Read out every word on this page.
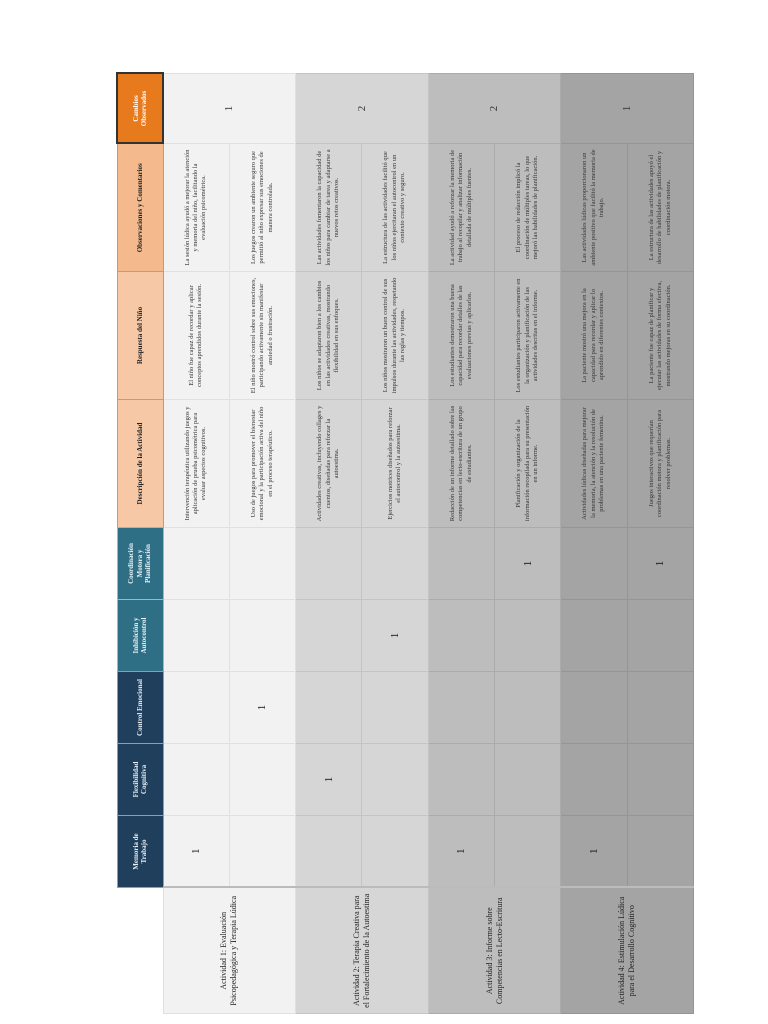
	Memoria de Trabajo	Flexibilidad Cognitiva	Control Emocional	Inhibición y Autocontrol	Coordinación Motora y Planificación	Descripción de la Actividad	Respuesta del Niño	Observaciones y Comentarios	Cambios Observados
Actividad 1: Evaluación Psicopedagógica y Terapia Lúdica	1					Intervención terapéutica utilizando juegos y aplicación de prueba psicométrica para evaluar aspectos cognitivos.	El niño fue capaz de recordar y aplicar conceptos aprendidos durante la sesión.	La sesión lúdica ayudó a mejorar la atención y memoria del niño, facilitando la evaluación psicométrica.	1
			1			Uso de juegos para promover el bienestar emocional y la participación activa del niño en el proceso terapéutico.	El niño mostró control sobre sus emociones, participando activamente sin manifestar ansiedad o frustración.	Los juegos crearon un ambiente seguro que permitió al niño expresar sus emociones de manera controlada.	
Actividad 2: Terapia Creativa para el Fortalecimiento de la Autoestima		1				Actividades creativas, incluyendo collages y cuentos, diseñadas para reforzar la autoestima.	Los niños se adaptaron bien a los cambios en las actividades creativas, mostrando flexibilidad en sus enfoques.	Las actividades fomentaron la capacidad de los niños para cambiar de tarea y adaptarse a nuevos retos creativos.	2
				1		Ejercicios motrices diseñados para reforzar el autocontrol y la autoestima.	Los niños mostraron un buen control de sus impulsos durante las actividades, respetando las reglas y tiempos.	La estructura de las actividades facilitó que los niños ejercitaran el autocontrol en un contexto creativo y seguro.	
Actividad 3: Informe sobre Competencias en Lecto-Escritura	1					Redacción de un informe detallado sobre las competencias en lecto-escritura de un grupo de estudiantes.	Los estudiantes demostraron una buena capacidad para recordar detalles de las evaluaciones previas y aplicarlos.	La actividad ayudó a reforzar la memoria de trabajo al recopilar y analizar información detallada de múltiples fuentes.	2
					1	Planificación y organización de la información recopilada para su presentación en un informe.	Los estudiantes participaron activamente en la organización y planificación de las actividades descritas en el informe.	El proceso de redacción implicó la coordinación de múltiples tareas, lo que mejoró las habilidades de planificación.	
Actividad 4: Estimulación Lúdica para el Desarrollo Cognitivo	1					Actividades lúdicas diseñadas para mejorar la memoria, la atención y la resolución de problemas en una paciente femenina.	La paciente mostró una mejora en la capacidad para recordar y aplicar lo aprendido en diferentes contextos.	Las actividades lúdicas proporcionaron un ambiente positivo que facilitó la memoria de trabajo.	1
					1	Juegos interactivos que requerían coordinación motora y planificación para resolver problemas.	La paciente fue capaz de planificar y ejecutar las actividades de forma efectiva, mostrando mejoras en su coordinación.	La estructura de las actividades apoyó el desarrollo de habilidades de planificación y coordinación motora.	
